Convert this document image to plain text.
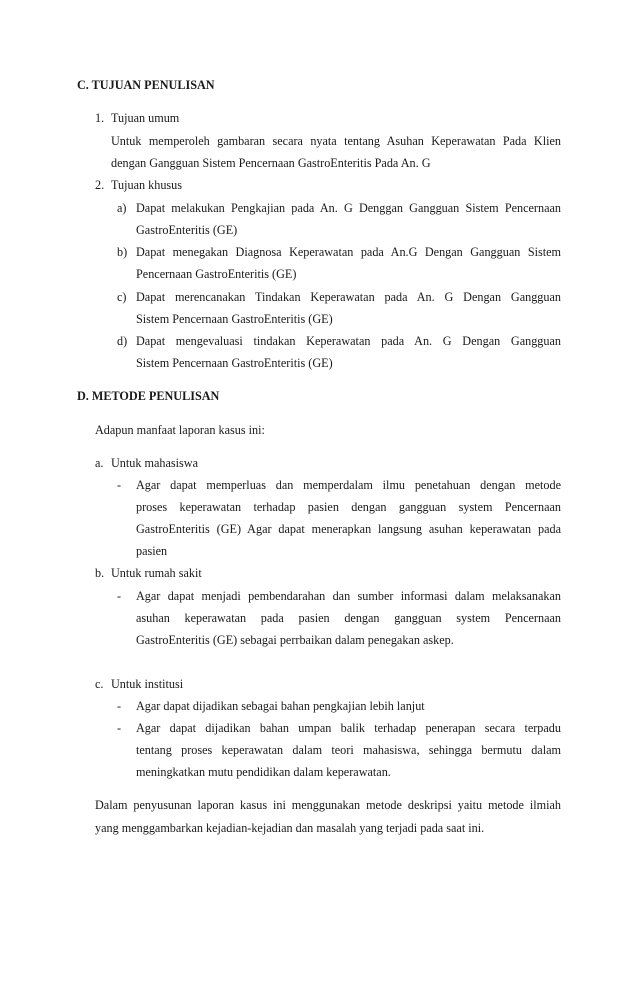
C. TUJUAN PENULISAN
1. Tujuan umum
Untuk memperoleh gambaran secara nyata tentang Asuhan Keperawatan Pada Klien
dengan Gangguan Sistem Pencernaan GastroEnteritis Pada An. G
2. Tujuan khusus
a) Dapat melakukan Pengkajian pada An. G Denggan Gangguan Sistem Pencernaan
GastroEnteritis (GE)
b) Dapat menegakan Diagnosa Keperawatan pada An.G Dengan Gangguan Sistem
Pencernaan GastroEnteritis (GE)
c) Dapat merencanakan Tindakan Keperawatan pada An. G Dengan Gangguan
Sistem Pencernaan GastroEnteritis (GE)
d) Dapat mengevaluasi tindakan Keperawatan pada An. G Dengan Gangguan
Sistem Pencernaan GastroEnteritis (GE)
D. METODE PENULISAN
Adapun manfaat laporan kasus ini:
a. Untuk mahasiswa
- Agar dapat memperluas dan memperdalam ilmu penetahuan dengan metode
proses keperawatan terhadap pasien dengan gangguan system Pencernaan
GastroEnteritis (GE) Agar dapat menerapkan langsung asuhan keperawatan pada
pasien
b. Untuk rumah sakit
- Agar dapat menjadi pembendarahan dan sumber informasi dalam melaksanakan
asuhan keperawatan pada pasien dengan gangguan system Pencernaan
GastroEnteritis (GE) sebagai perrbaikan dalam penegakan askep.
c. Untuk institusi
- Agar dapat dijadikan sebagai bahan pengkajian lebih lanjut
- Agar dapat dijadikan bahan umpan balik terhadap penerapan secara terpadu
tentang proses keperawatan dalam teori mahasiswa, sehingga bermutu dalam
meningkatkan mutu pendidikan dalam keperawatan.
Dalam penyusunan laporan kasus ini menggunakan metode deskripsi yaitu metode ilmiah
yang menggambarkan kejadian-kejadian dan masalah yang terjadi pada saat ini.
